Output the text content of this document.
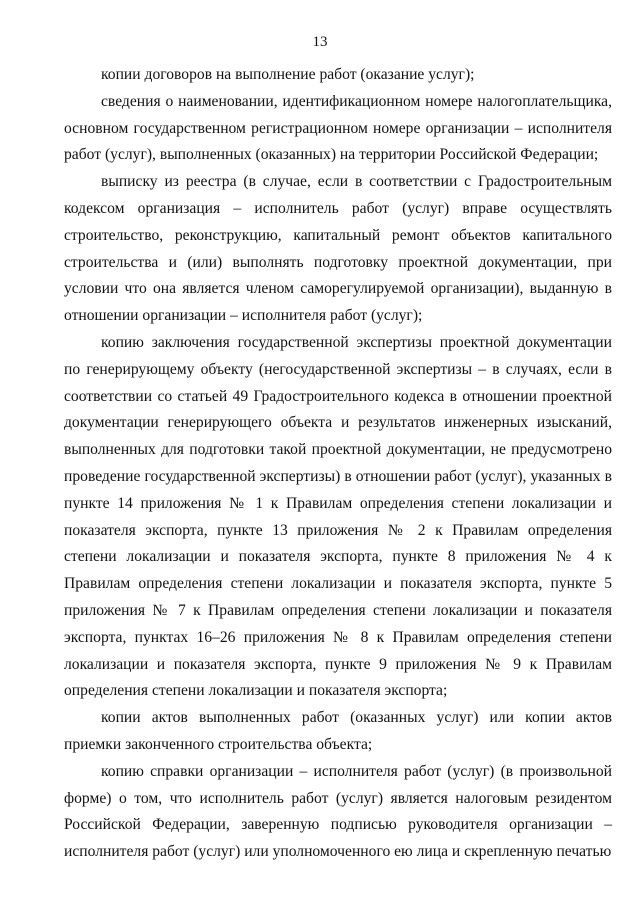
13

копии договоров на выполнение работ (оказание услуг);

сведения о наименовании, идентификационном номере налогоплательщика, основном государственном регистрационном номере организации – исполнителя работ (услуг), выполненных (оказанных) на территории Российской Федерации;

выписку из реестра (в случае, если в соответствии с Градостроительным кодексом организация – исполнитель работ (услуг) вправе осуществлять строительство, реконструкцию, капитальный ремонт объектов капитального строительства и (или) выполнять подготовку проектной документации, при условии что она является членом саморегулируемой организации), выданную в отношении организации – исполнителя работ (услуг);

копию заключения государственной экспертизы проектной документации по генерирующему объекту (негосударственной экспертизы – в случаях, если в соответствии со статьей 49 Градостроительного кодекса в отношении проектной документации генерирующего объекта и результатов инженерных изысканий, выполненных для подготовки такой проектной документации, не предусмотрено проведение государственной экспертизы) в отношении работ (услуг), указанных в пункте 14 приложения № 1 к Правилам определения степени локализации и показателя экспорта, пункте 13 приложения № 2 к Правилам определения степени локализации и показателя экспорта, пункте 8 приложения № 4 к Правилам определения степени локализации и показателя экспорта, пункте 5 приложения № 7 к Правилам определения степени локализации и показателя экспорта, пунктах 16–26 приложения № 8 к Правилам определения степени локализации и показателя экспорта, пункте 9 приложения № 9 к Правилам определения степени локализации и показателя экспорта;

копии актов выполненных работ (оказанных услуг) или копии актов приемки законченного строительства объекта;

копию справки организации – исполнителя работ (услуг) (в произвольной форме) о том, что исполнитель работ (услуг) является налоговым резидентом Российской Федерации, заверенную подписью руководителя организации – исполнителя работ (услуг) или уполномоченного ею лица и скрепленную печатью
